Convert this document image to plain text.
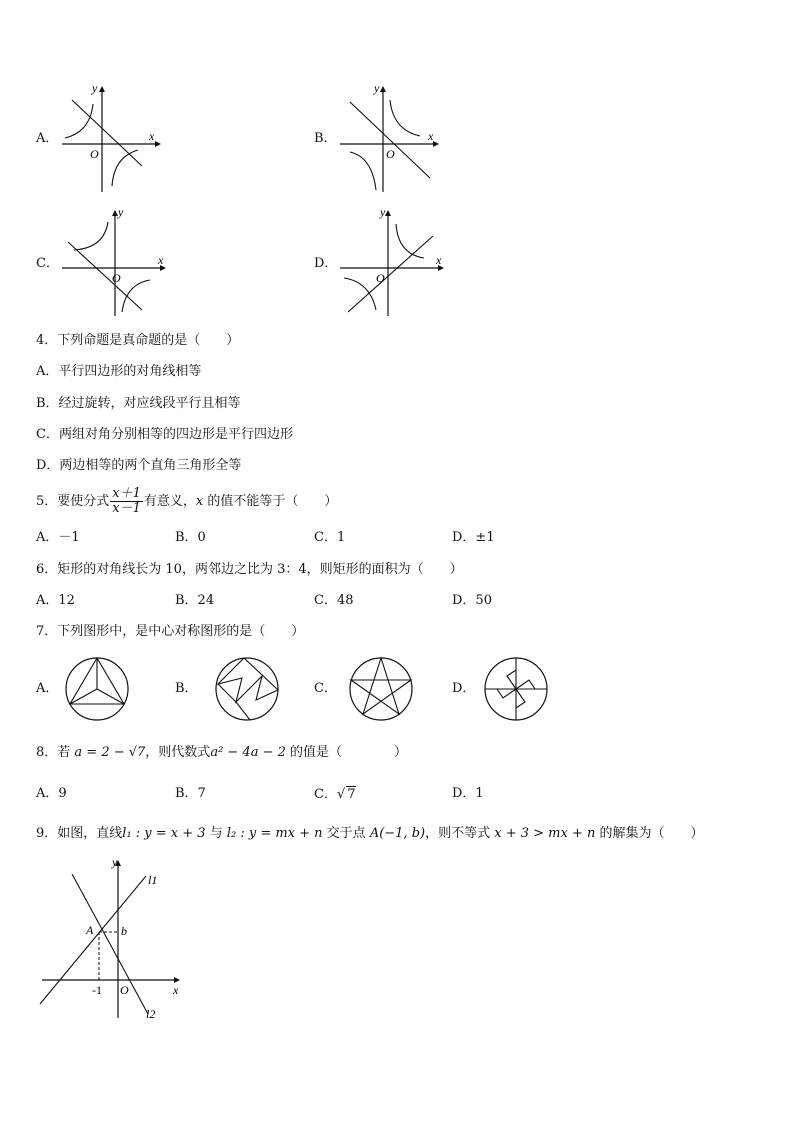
A．	x
y
O
B．	x
y
O
C．	x
y
O
D．	x
y
O
4．下列命题是真命题的是（　　）
A．平行四边形的对角线相等
B．经过旋转，对应线段平行且相等
C．两组对角分别相等的四边形是平行四边形
D．两边相等的两个直角三角形全等
5．要使分式 $\frac{x+1}{x-1}$ 有意义，x 的值不能等于（　　）
A．－1	B．0	C．1	D．±1
6．矩形的对角线长为 10，两邻边之比为 3：4，则矩形的面积为（　　）
A．12	B．24	C．48	D．50
7．下列图形中，是中心对称图形的是（　　）
A．	B．	C．	D．
8．若 a = 2 − √7，则代数式a² − 4a − 2 的值是（　　　　）
A．9	B．7	C．√ 7	D．1
9．如图，直线l₁ : y = x + 3 与 l₂ : y = mx + n 交于点 A(−1, b)，则不等式 x + 3 > mx + n 的解集为（　　）
y
x
O
A b
-1
l1
l2
